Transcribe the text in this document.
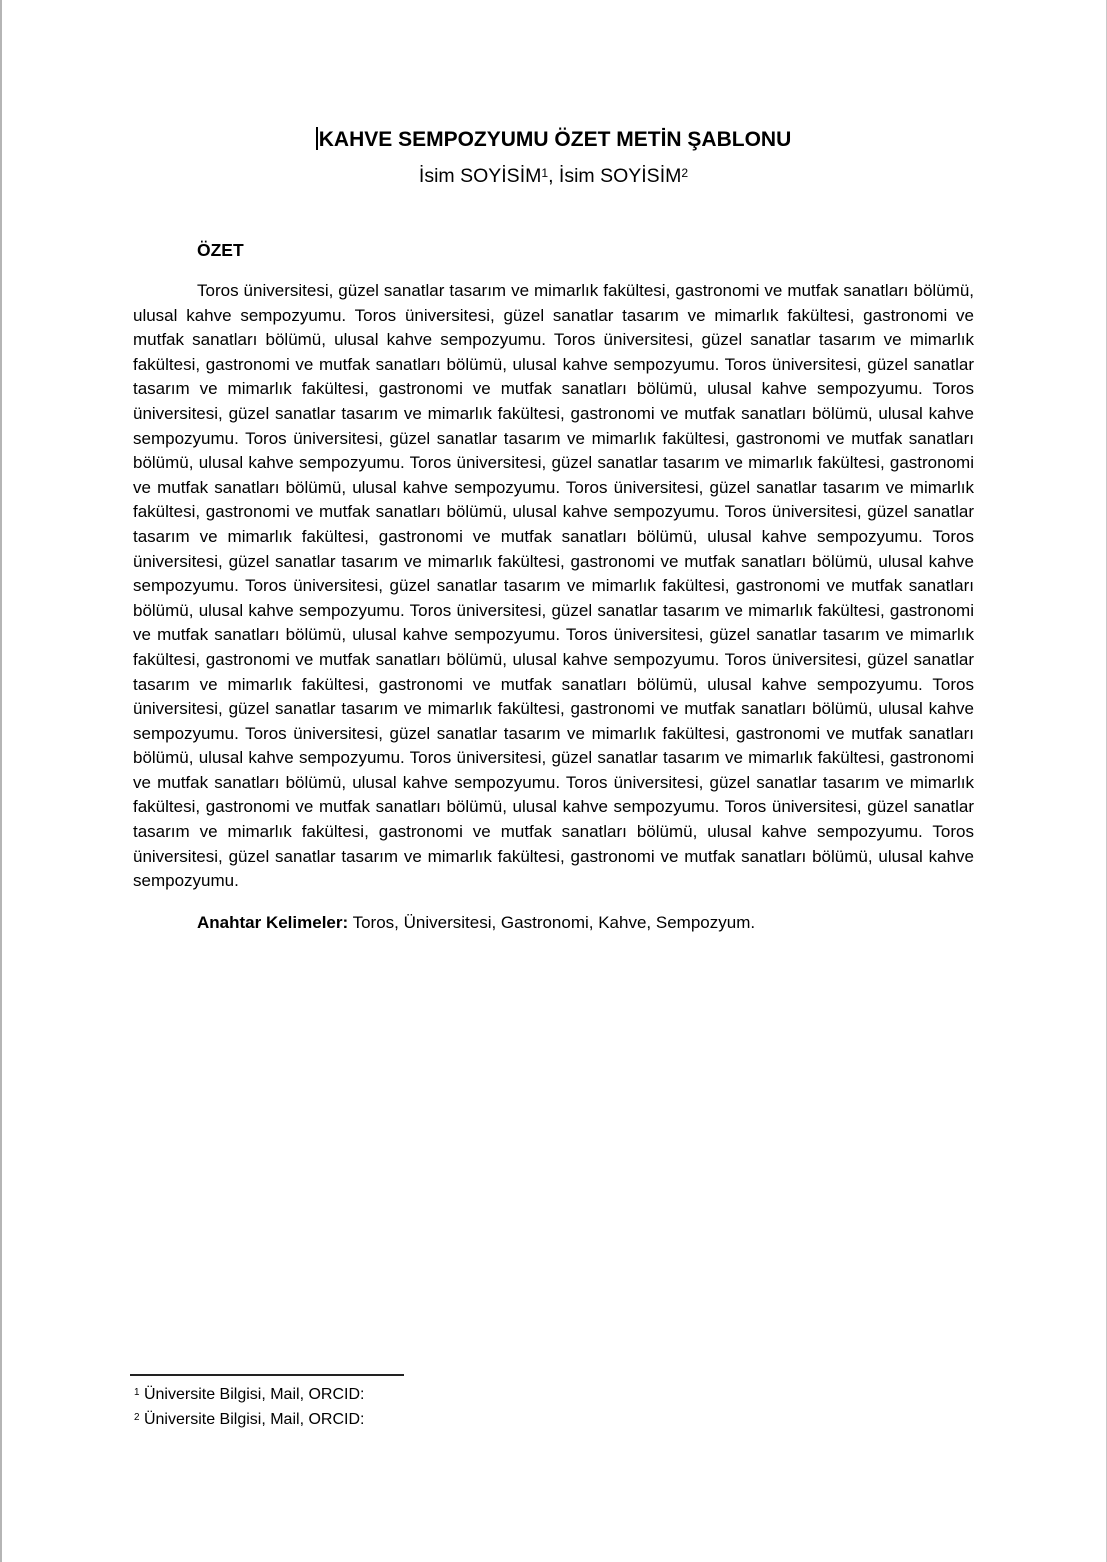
KAHVE SEMPOZYUMU ÖZET METİN ŞABLONU

İsim SOYİSİM$^1$, İsim SOYİSİM$^2$

ÖZET

Toros üniversitesi, güzel sanatlar tasarım ve mimarlık fakültesi, gastronomi ve mutfak sanatları bölümü, ulusal kahve sempozyumu. Toros üniversitesi, güzel sanatlar tasarım ve mimarlık fakültesi, gastronomi ve mutfak sanatları bölümü, ulusal kahve sempozyumu. Toros üniversitesi, güzel sanatlar tasarım ve mimarlık fakültesi, gastronomi ve mutfak sanatları bölümü, ulusal kahve sempozyumu. Toros üniversitesi, güzel sanatlar tasarım ve mimarlık fakültesi, gastronomi ve mutfak sanatları bölümü, ulusal kahve sempozyumu. Toros üniversitesi, güzel sanatlar tasarım ve mimarlık fakültesi, gastronomi ve mutfak sanatları bölümü, ulusal kahve sempozyumu. Toros üniversitesi, güzel sanatlar tasarım ve mimarlık fakültesi, gastronomi ve mutfak sanatları bölümü, ulusal kahve sempozyumu. Toros üniversitesi, güzel sanatlar tasarım ve mimarlık fakültesi, gastronomi ve mutfak sanatları bölümü, ulusal kahve sempozyumu. Toros üniversitesi, güzel sanatlar tasarım ve mimarlık fakültesi, gastronomi ve mutfak sanatları bölümü, ulusal kahve sempozyumu. Toros üniversitesi, güzel sanatlar tasarım ve mimarlık fakültesi, gastronomi ve mutfak sanatları bölümü, ulusal kahve sempozyumu. Toros üniversitesi, güzel sanatlar tasarım ve mimarlık fakültesi, gastronomi ve mutfak sanatları bölümü, ulusal kahve sempozyumu. Toros üniversitesi, güzel sanatlar tasarım ve mimarlık fakültesi, gastronomi ve mutfak sanatları bölümü, ulusal kahve sempozyumu. Toros üniversitesi, güzel sanatlar tasarım ve mimarlık fakültesi, gastronomi ve mutfak sanatları bölümü, ulusal kahve sempozyumu. Toros üniversitesi, güzel sanatlar tasarım ve mimarlık fakültesi, gastronomi ve mutfak sanatları bölümü, ulusal kahve sempozyumu. Toros üniversitesi, güzel sanatlar tasarım ve mimarlık fakültesi, gastronomi ve mutfak sanatları bölümü, ulusal kahve sempozyumu. Toros üniversitesi, güzel sanatlar tasarım ve mimarlık fakültesi, gastronomi ve mutfak sanatları bölümü, ulusal kahve sempozyumu. Toros üniversitesi, güzel sanatlar tasarım ve mimarlık fakültesi, gastronomi ve mutfak sanatları bölümü, ulusal kahve sempozyumu. Toros üniversitesi, güzel sanatlar tasarım ve mimarlık fakültesi, gastronomi ve mutfak sanatları bölümü, ulusal kahve sempozyumu. Toros üniversitesi, güzel sanatlar tasarım ve mimarlık fakültesi, gastronomi ve mutfak sanatları bölümü, ulusal kahve sempozyumu. Toros üniversitesi, güzel sanatlar tasarım ve mimarlık fakültesi, gastronomi ve mutfak sanatları bölümü, ulusal kahve sempozyumu. Toros üniversitesi, güzel sanatlar tasarım ve mimarlık fakültesi, gastronomi ve mutfak sanatları bölümü, ulusal kahve sempozyumu.

Anahtar Kelimeler: Toros, Üniversitesi, Gastronomi, Kahve, Sempozyum.

$^1$ Üniversite Bilgisi, Mail, ORCID:

$^2$ Üniversite Bilgisi, Mail, ORCID:
